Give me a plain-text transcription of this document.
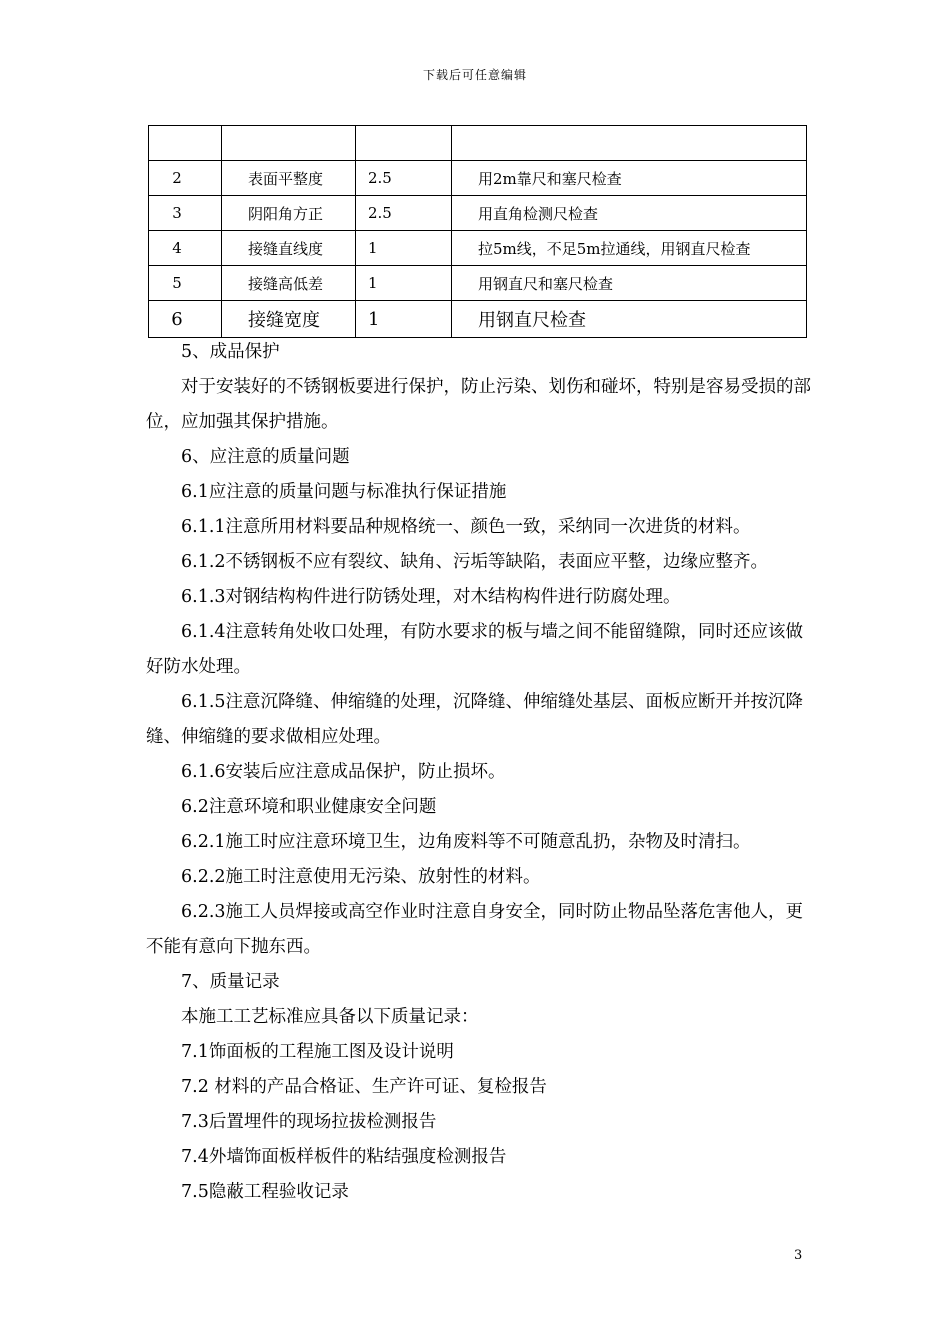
下载后可任意编辑

2	表面平整度	2.5	用2m靠尺和塞尺检查
3	阴阳角方正	2.5	用直角检测尺检查
4	接缝直线度	1	拉5m线，不足5m拉通线，用钢直尺检查
5	接缝高低差	1	用钢直尺和塞尺检查
6	接缝宽度	1	用钢直尺检查

5、成品保护

对于安装好的不锈钢板要进行保护，防止污染、划伤和碰坏，特别是容易受损的部位，应加强其保护措施。

6、应注意的质量问题

6.1应注意的质量问题与标准执行保证措施

6.1.1注意所用材料要品种规格统一、颜色一致，采纳同一次进货的材料。

6.1.2不锈钢板不应有裂纹、缺角、污垢等缺陷，表面应平整，边缘应整齐。

6.1.3对钢结构构件进行防锈处理，对木结构构件进行防腐处理。

6.1.4注意转角处收口处理，有防水要求的板与墙之间不能留缝隙，同时还应该做好防水处理。

6.1.5注意沉降缝、伸缩缝的处理，沉降缝、伸缩缝处基层、面板应断开并按沉降缝、伸缩缝的要求做相应处理。

6.1.6安装后应注意成品保护，防止损坏。

6.2注意环境和职业健康安全问题

6.2.1施工时应注意环境卫生，边角废料等不可随意乱扔，杂物及时清扫。

6.2.2施工时注意使用无污染、放射性的材料。

6.2.3施工人员焊接或高空作业时注意自身安全，同时防止物品坠落危害他人，更不能有意向下抛东西。

7、质量记录

本施工工艺标准应具备以下质量记录：

7.1饰面板的工程施工图及设计说明

7.2 材料的产品合格证、生产许可证、复检报告

7.3后置埋件的现场拉拔检测报告

7.4外墙饰面板样板件的粘结强度检测报告

7.5隐蔽工程验收记录

3
